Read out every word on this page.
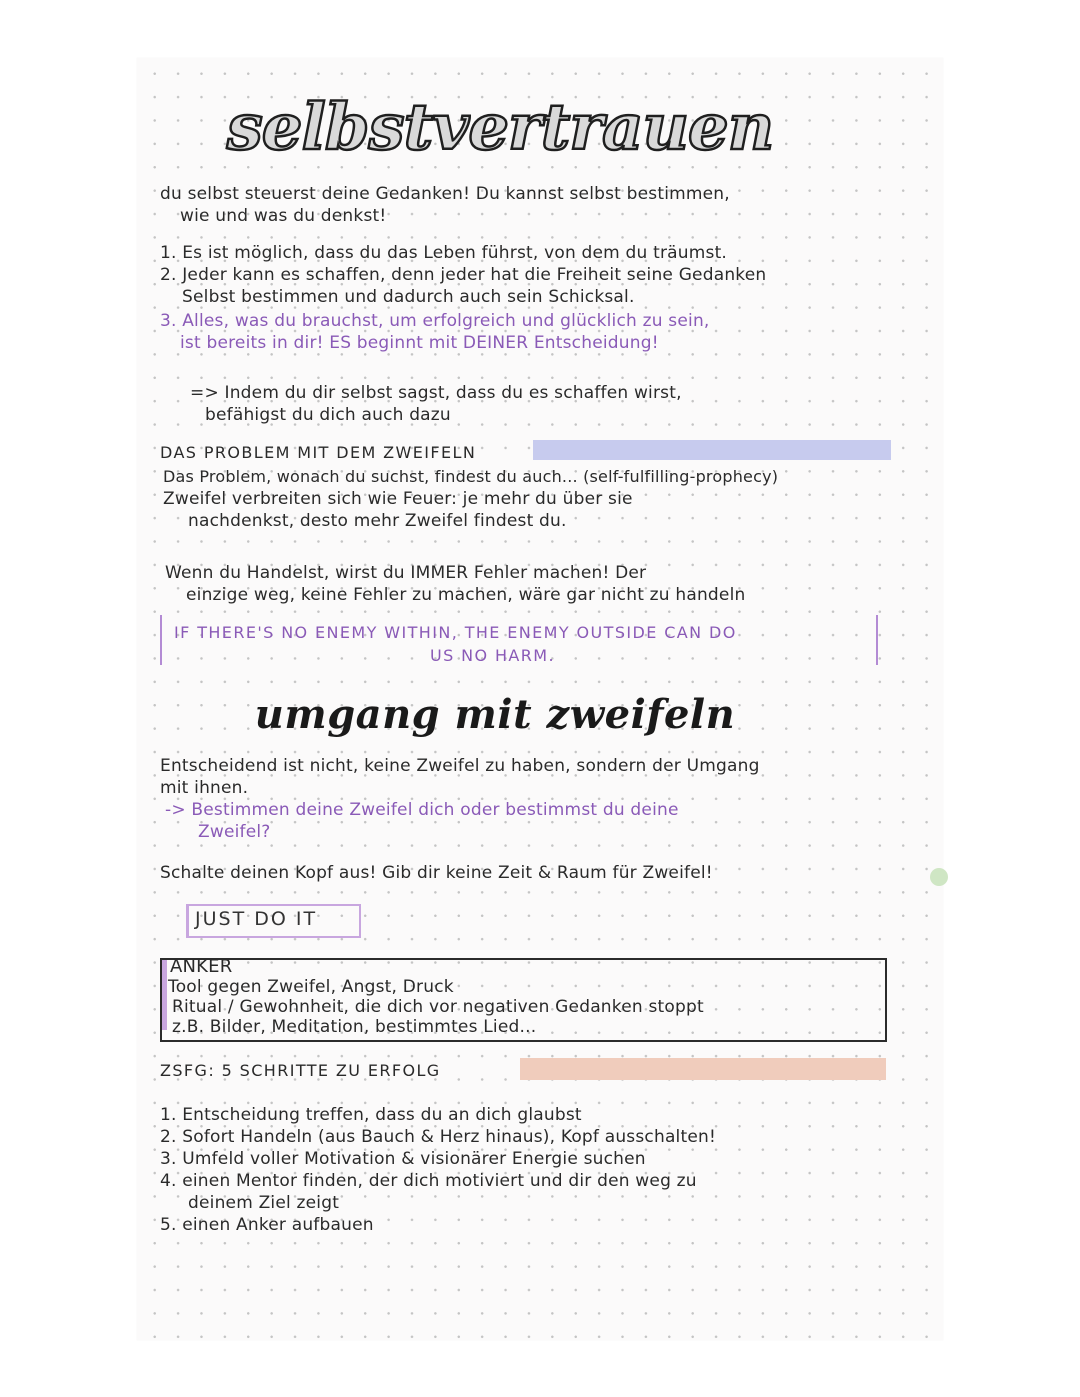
selbstvertrauen
du selbst steuerst deine Gedanken! Du kannst selbst bestimmen,
wie und was du denkst!
1. Es ist möglich, dass du das Leben führst, von dem du träumst.
2. Jeder kann es schaffen, denn jeder hat die Freiheit seine Gedanken
Selbst bestimmen und dadurch auch sein Schicksal.
3. Alles, was du brauchst, um erfolgreich und glücklich zu sein,
ist bereits in dir! ES beginnt mit DEINER Entscheidung!
=> Indem du dir selbst sagst, dass du es schaffen wirst,
befähigst du dich auch dazu
DAS PROBLEM MIT DEM ZWEIFELN
Das Problem, wonach du suchst, findest du auch... (self-fulfilling-prophecy)
Zweifel verbreiten sich wie Feuer: je mehr du über sie
nachdenkst, desto mehr Zweifel findest du.
Wenn du Handelst, wirst du IMMER Fehler machen! Der
einzige weg, keine Fehler zu machen, wäre gar nicht zu handeln
IF THERE'S NO ENEMY WITHIN, THE ENEMY OUTSIDE CAN DO
US NO HARM.
umgang mit zweifeln
Entscheidend ist nicht, keine Zweifel zu haben, sondern der Umgang
mit ihnen.
-> Bestimmen deine Zweifel dich oder bestimmst du deine
Zweifel?
Schalte deinen Kopf aus! Gib dir keine Zeit & Raum für Zweifel!
JUST DO IT
ANKER
Tool gegen Zweifel, Angst, Druck
Ritual / Gewohnheit, die dich vor negativen Gedanken stoppt
z.B. Bilder, Meditation, bestimmtes Lied...
ZSFG: 5 SCHRITTE ZU ERFOLG
1. Entscheidung treffen, dass du an dich glaubst
2. Sofort Handeln (aus Bauch & Herz hinaus), Kopf ausschalten!
3. Umfeld voller Motivation & visionärer Energie suchen
4. einen Mentor finden, der dich motiviert und dir den weg zu
deinem Ziel zeigt
5. einen Anker aufbauen
